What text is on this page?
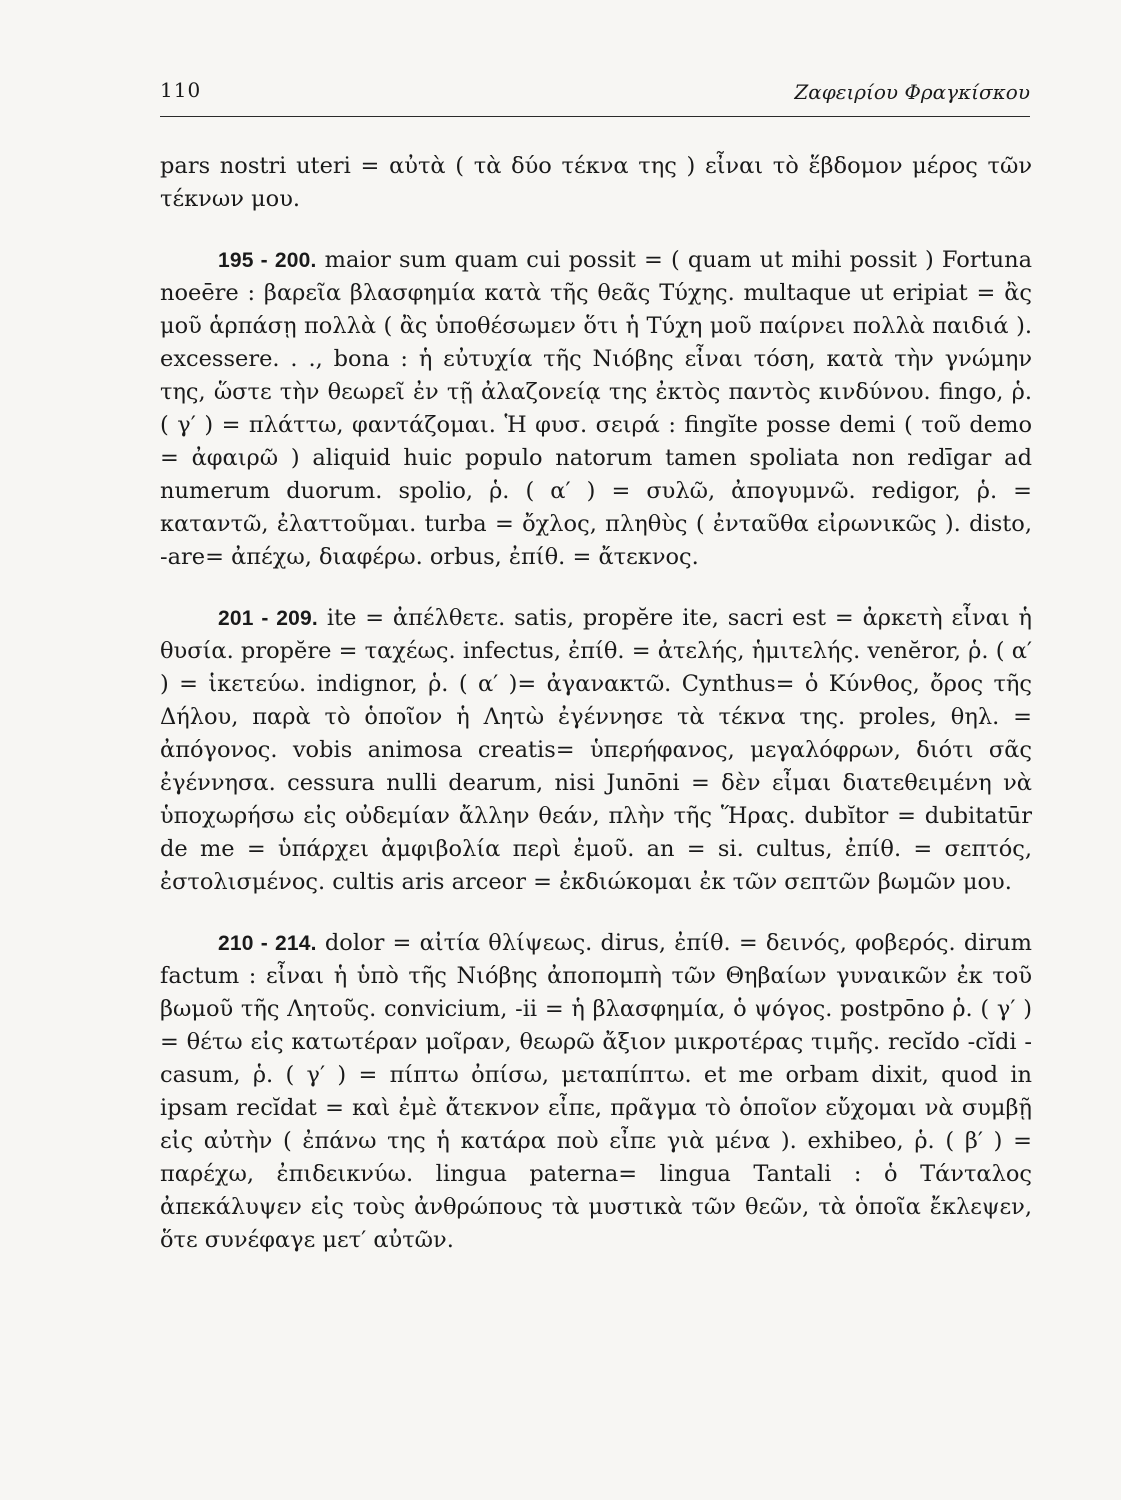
110	Ζαφειρίου Φραγκίσκου

pars nostri uteri = αὐτὰ ( τὰ δύο τέκνα της ) εἶναι τὸ ἕβδομον μέρος τῶν τέκνων μου.

195 - 200. maior sum quam cui possit = ( quam ut mihi possit ) Fortuna noeēre : βαρεῖα βλασφημία κατὰ τῆς θεᾶς Τύχης. multaque ut eripiat = ἂς μοῦ ἁρπάσῃ πολλὰ ( ἂς ὑποθέσωμεν ὅτι ἡ Τύχη μοῦ παίρνει πολλὰ παιδιά ). excessere. . ., bona : ἡ εὐτυχία τῆς Νιόβης εἶναι τόση, κατὰ τὴν γνώμην της, ὥστε τὴν θεωρεῖ ἐν τῇ ἀλαζονείᾳ της ἐκτὸς παντὸς κινδύνου. fingo, ῥ. ( γ′ ) = πλάττω, φαντάζομαι. Ἡ φυσ. σειρά : fingĭte posse demi ( τοῦ demo = ἀφαιρῶ ) aliquid huic populo natorum tamen spoliata non redīgar ad numerum duorum. spolio, ῥ. ( α′ ) = συλῶ, ἀπογυμνῶ. redigor, ῥ. = καταντῶ, ἐλαττοῦμαι. turba = ὄχλος, πληθὺς ( ἐνταῦθα εἰρωνικῶς ). disto, -are= ἀπέχω, διαφέρω. orbus, ἐπίθ. = ἄτεκνος.

201 - 209. ite = ἀπέλθετε. satis, propĕre ite, sacri est = ἀρκετὴ εἶναι ἡ θυσία. propĕre = ταχέως. infectus, ἐπίθ. = ἀτελής, ἡμιτελής. venĕror, ῥ. ( α′ ) = ἱκετεύω. indignor, ῥ. ( α′ )= ἀγανακτῶ. Cynthus= ὁ Κύνθος, ὄρος τῆς Δήλου, παρὰ τὸ ὁποῖον ἡ Λητὼ ἐγέννησε τὰ τέκνα της. proles, θηλ. = ἀπόγονος. vobis animosa creatis= ὑπερήφανος, μεγαλόφρων, διότι σᾶς ἐγέννησα. cessura nulli dearum, nisi Junōni = δὲν εἶμαι διατεθειμένη νὰ ὑποχωρήσω εἰς οὐδεμίαν ἄλλην θεάν, πλὴν τῆς Ἥρας. dubĭtor = dubitatūr de me = ὑπάρχει ἀμφιβολία περὶ ἐμοῦ. an = si. cultus, ἐπίθ. = σεπτός, ἐστολισμένος. cultis aris arceor = ἐκδιώκομαι ἐκ τῶν σεπτῶν βωμῶν μου.

210 - 214. dolor = αἰτία θλίψεως. dirus, ἐπίθ. = δεινός, φοβερός. dirum factum : εἶναι ἡ ὑπὸ τῆς Νιόβης ἀποπομπὴ τῶν Θηβαίων γυναικῶν ἐκ τοῦ βωμοῦ τῆς Λητοῦς. convicium, -ii = ἡ βλασφημία, ὁ ψόγος. postpōno ῥ. ( γ′ ) = θέτω εἰς κατωτέραν μοῖραν, θεωρῶ ἄξιον μικροτέρας τιμῆς. recĭdo -cĭdi -casum, ῥ. ( γ′ ) = πίπτω ὀπίσω, μεταπίπτω. et me orbam dixit, quod in ipsam recĭdat = καὶ ἐμὲ ἄτεκνον εἶπε, πρᾶγμα τὸ ὁποῖον εὔχομαι νὰ συμβῇ εἰς αὐτὴν ( ἐπάνω της ἡ κατάρα ποὺ εἶπε γιὰ μένα ). exhibeo, ῥ. ( β′ ) = παρέχω, ἐπιδεικνύω. lingua paterna= lingua Tantali : ὁ Τάνταλος ἀπεκάλυψεν εἰς τοὺς ἀνθρώπους τὰ μυστικὰ τῶν θεῶν, τὰ ὁποῖα ἔκλεψεν, ὅτε συνέφαγε μετ′ αὐτῶν.
